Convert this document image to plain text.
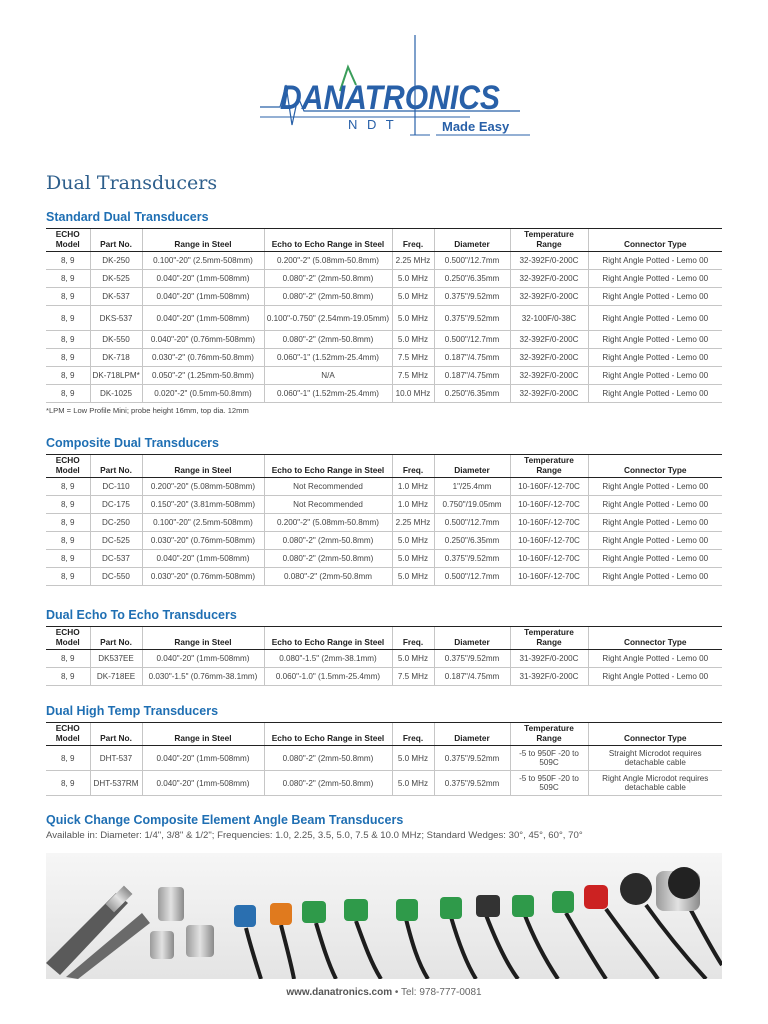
DANATRONICS
N D T	Made Easy
Dual Transducers
Standard Dual Transducers
ECHO Model	Part No.	Range in Steel	Echo to Echo Range in Steel	Freq.	Diameter	Temperature Range	Connector Type
8, 9	DK-250	0.100"-20" (2.5mm-508mm)	0.200"-2" (5.08mm-50.8mm)	2.25 MHz	0.500"/12.7mm	32-392F/0-200C	Right Angle Potted - Lemo 00
8, 9	DK-525	0.040"-20" (1mm-508mm)	0.080"-2" (2mm-50.8mm)	5.0 MHz	0.250"/6.35mm	32-392F/0-200C	Right Angle Potted - Lemo 00
8, 9	DK-537	0.040"-20" (1mm-508mm)	0.080"-2" (2mm-50.8mm)	5.0 MHz	0.375"/9.52mm	32-392F/0-200C	Right Angle Potted - Lemo 00
8, 9	DKS-537	0.040"-20" (1mm-508mm)	0.100"-0.750" (2.54mm-19.05mm)	5.0 MHz	0.375"/9.52mm	32-100F/0-38C	Right Angle Potted - Lemo 00
8, 9	DK-550	0.040"-20" (0.76mm-508mm)	0.080"-2" (2mm-50.8mm)	5.0 MHz	0.500"/12.7mm	32-392F/0-200C	Right Angle Potted - Lemo 00
8, 9	DK-718	0.030"-2" (0.76mm-50.8mm)	0.060"-1" (1.52mm-25.4mm)	7.5 MHz	0.187"/4.75mm	32-392F/0-200C	Right Angle Potted - Lemo 00
8, 9	DK-718LPM*	0.050"-2" (1.25mm-50.8mm)	N/A	7.5 MHz	0.187"/4.75mm	32-392F/0-200C	Right Angle Potted - Lemo 00
8, 9	DK-1025	0.020"-2" (0.5mm-50.8mm)	0.060"-1" (1.52mm-25.4mm)	10.0 MHz	0.250"/6.35mm	32-392F/0-200C	Right Angle Potted - Lemo 00
*LPM = Low Profile Mini; probe height 16mm, top dia. 12mm
Composite Dual Transducers
ECHO Model	Part No.	Range in Steel	Echo to Echo Range in Steel	Freq.	Diameter	Temperature Range	Connector Type
8, 9	DC-110	0.200"-20" (5.08mm-508mm)	Not Recommended	1.0 MHz	1"/25.4mm	10-160F/-12-70C	Right Angle Potted - Lemo 00
8, 9	DC-175	0.150"-20" (3.81mm-508mm)	Not Recommended	1.0 MHz	0.750"/19.05mm	10-160F/-12-70C	Right Angle Potted - Lemo 00
8, 9	DC-250	0.100"-20" (2.5mm-508mm)	0.200"-2" (5.08mm-50.8mm)	2.25 MHz	0.500"/12.7mm	10-160F/-12-70C	Right Angle Potted - Lemo 00
8, 9	DC-525	0.030"-20" (0.76mm-508mm)	0.080"-2" (2mm-50.8mm)	5.0 MHz	0.250"/6.35mm	10-160F/-12-70C	Right Angle Potted - Lemo 00
8, 9	DC-537	0.040"-20" (1mm-508mm)	0.080"-2" (2mm-50.8mm)	5.0 MHz	0.375"/9.52mm	10-160F/-12-70C	Right Angle Potted - Lemo 00
8, 9	DC-550	0.030"-20" (0.76mm-508mm)	0.080"-2" (2mm-50.8mm	5.0 MHz	0.500"/12.7mm	10-160F/-12-70C	Right Angle Potted - Lemo 00
Dual Echo To Echo Transducers
ECHO Model	Part No.	Range in Steel	Echo to Echo Range in Steel	Freq.	Diameter	Temperature Range	Connector Type
8, 9	DK537EE	0.040"-20" (1mm-508mm)	0.080"-1.5" (2mm-38.1mm)	5.0 MHz	0.375"/9.52mm	31-392F/0-200C	Right Angle Potted - Lemo 00
8, 9	DK-718EE	0.030"-1.5" (0.76mm-38.1mm)	0.060"-1.0" (1.5mm-25.4mm)	7.5 MHz	0.187"/4.75mm	31-392F/0-200C	Right Angle Potted - Lemo 00
Dual High Temp Transducers
ECHO Model	Part No.	Range in Steel	Echo to Echo Range in Steel	Freq.	Diameter	Temperature Range	Connector Type
8, 9	DHT-537	0.040"-20" (1mm-508mm)	0.080"-2" (2mm-50.8mm)	5.0 MHz	0.375"/9.52mm	-5 to 950F -20 to 509C	Straight Microdot requires detachable cable
8, 9	DHT-537RM	0.040"-20" (1mm-508mm)	0.080"-2" (2mm-50.8mm)	5.0 MHz	0.375"/9.52mm	-5 to 950F -20 to 509C	Right Angle Microdot requires detachable cable
Quick Change Composite Element Angle Beam Transducers
Available in: Diameter: 1/4", 3/8" & 1/2"; Frequencies: 1.0, 2.25, 3.5, 5.0, 7.5 & 10.0 MHz; Standard Wedges: 30°, 45°, 60°, 70°
www.danatronics.com • Tel: 978-777-0081
